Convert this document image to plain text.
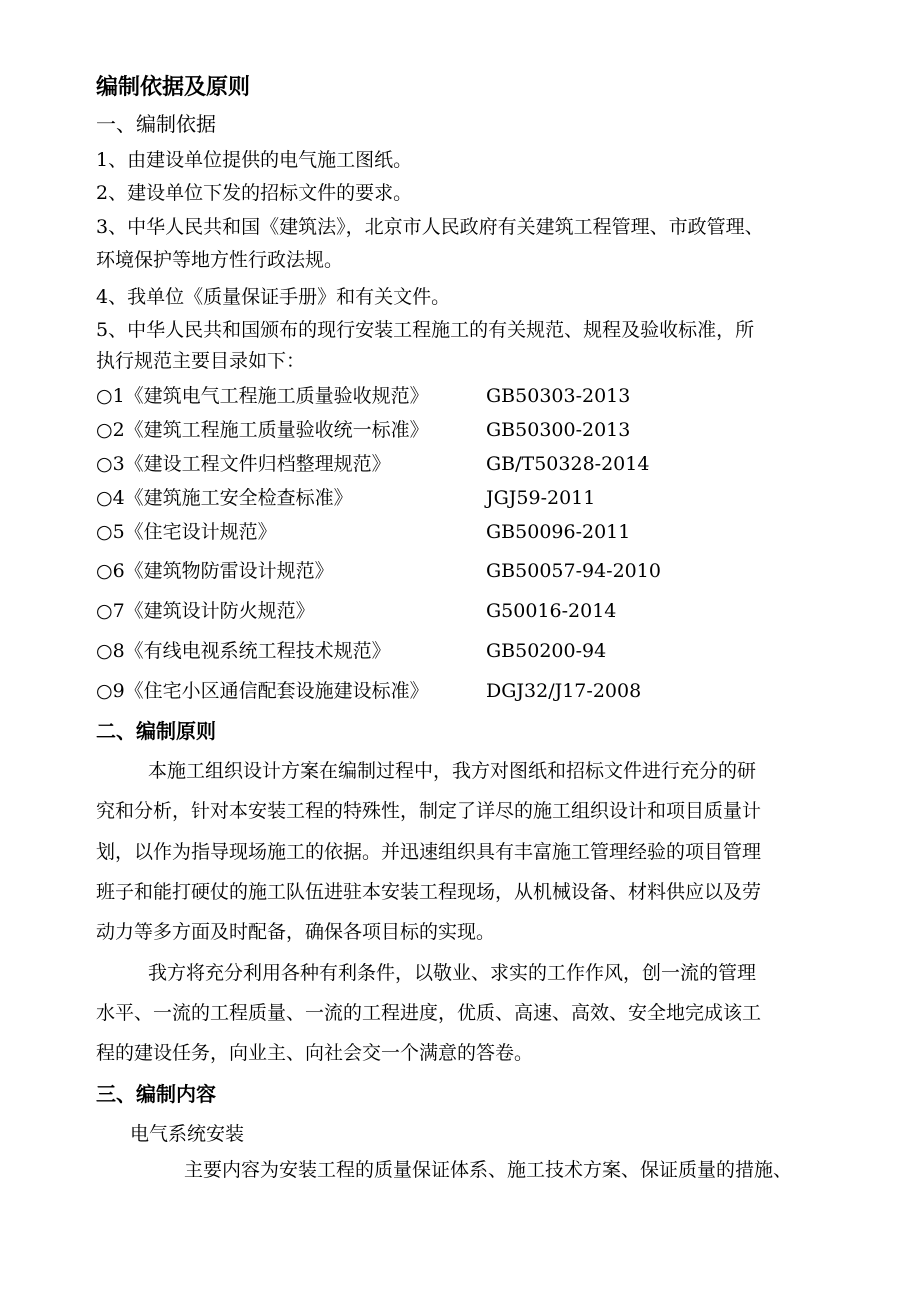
编制依据及原则
一、编制依据
1、由建设单位提供的电气施工图纸。
2、建设单位下发的招标文件的要求。
3、中华人民共和国《建筑法》，北京市人民政府有关建筑工程管理、市政管理、
环境保护等地方性行政法规。
4、我单位《质量保证手册》和有关文件。
5、中华人民共和国颁布的现行安装工程施工的有关规范、规程及验收标准，所
执行规范主要目录如下：
○1《建筑电气工程施工质量验收规范》	GB50303-2013
○2《建筑工程施工质量验收统一标准》	GB50300-2013
○3《建设工程文件归档整理规范》	GB/T50328-2014
○4《建筑施工安全检查标准》	JGJ59-2011
○5《住宅设计规范》	GB50096-2011
○6《建筑物防雷设计规范》	GB50057-94-2010
○7《建筑设计防火规范》	G50016-2014
○8《有线电视系统工程技术规范》	GB50200-94
○9《住宅小区通信配套设施建设标准》	DGJ32/J17-2008
二、编制原则
本施工组织设计方案在编制过程中，我方对图纸和招标文件进行充分的研
究和分析，针对本安装工程的特殊性，制定了详尽的施工组织设计和项目质量计
划，以作为指导现场施工的依据。并迅速组织具有丰富施工管理经验的项目管理
班子和能打硬仗的施工队伍进驻本安装工程现场，从机械设备、材料供应以及劳
动力等多方面及时配备，确保各项目标的实现。
我方将充分利用各种有利条件，以敬业、求实的工作作风，创一流的管理
水平、一流的工程质量、一流的工程进度，优质、高速、高效、安全地完成该工
程的建设任务，向业主、向社会交一个满意的答卷。
三、编制内容
电气系统安装
主要内容为安装工程的质量保证体系、施工技术方案、保证质量的措施、
